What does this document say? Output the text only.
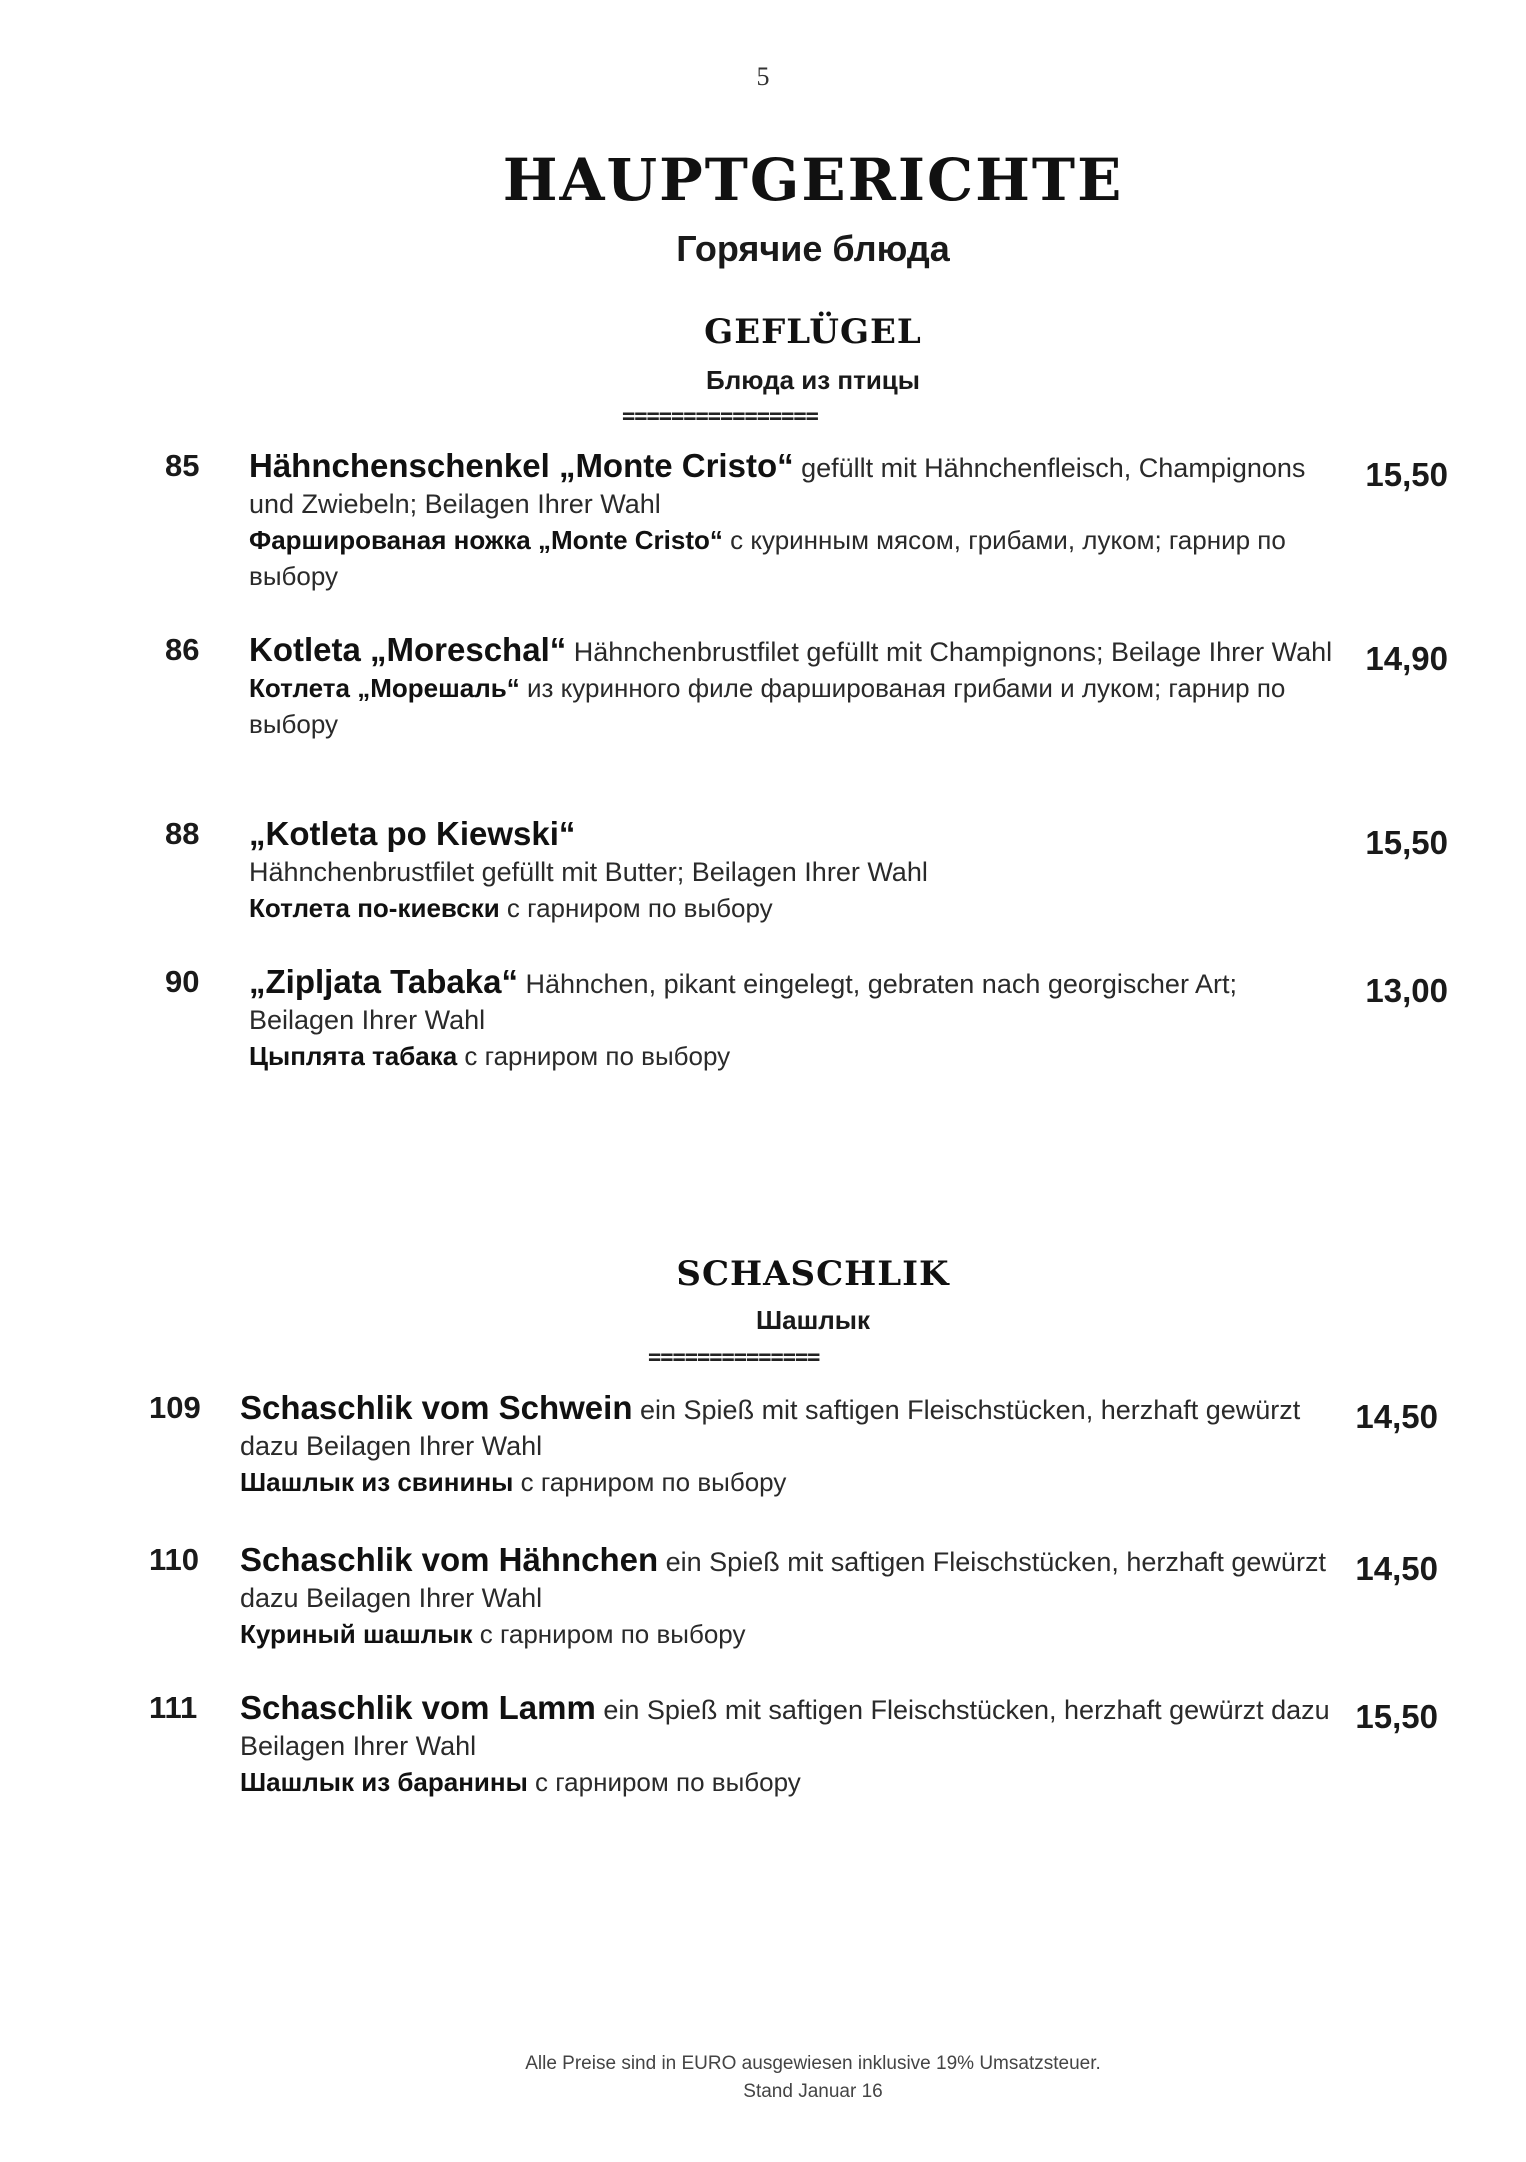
5
HAUPTGERICHTE
Горячие блюда
GEFLÜGEL
Блюда из птицы
================
85 Hähnchenschenkel „Monte Cristo“ gefüllt mit Hähnchenfleisch, Champignons und Zwiebeln; Beilagen Ihrer Wahl
Фаршированая ножка „Monte Cristo“ с куринным мясом, грибами, луком; гарнир по выбору
15,50
86 Kotleta „Moreschal“ Hähnchenbrustfilet gefüllt mit Champignons; Beilage Ihrer Wahl
Котлета „Морешаль“ из куринного филе фаршированая грибами и луком; гарнир по выбору
14,90
88 „Kotleta po Kiewski“
Hähnchenbrustfilet gefüllt mit Butter; Beilagen Ihrer Wahl
Котлета по-киевски с гарниром по выбору
15,50
90 „Zipljata Tabaka“ Hähnchen, pikant eingelegt, gebraten nach georgischer Art; Beilagen Ihrer Wahl
Цыплята табака с гарниром по выбору
13,00
SCHASCHLIK
Шашлык
==============
109 Schaschlik vom Schwein ein Spieß mit saftigen Fleischstücken, herzhaft gewürzt dazu Beilagen Ihrer Wahl
Шашлык из свинины с гарниром по выбору
14,50
110 Schaschlik vom Hähnchen ein Spieß mit saftigen Fleischstücken, herzhaft gewürzt dazu Beilagen Ihrer Wahl
Куриный шашлык с гарниром по выбору
14,50
111 Schaschlik vom Lamm ein Spieß mit saftigen Fleischstücken, herzhaft gewürzt dazu Beilagen Ihrer Wahl
Шашлык из баранины с гарниром по выбору
15,50
Alle Preise sind in EURO ausgewiesen inklusive 19% Umsatzsteuer.
Stand Januar 16
